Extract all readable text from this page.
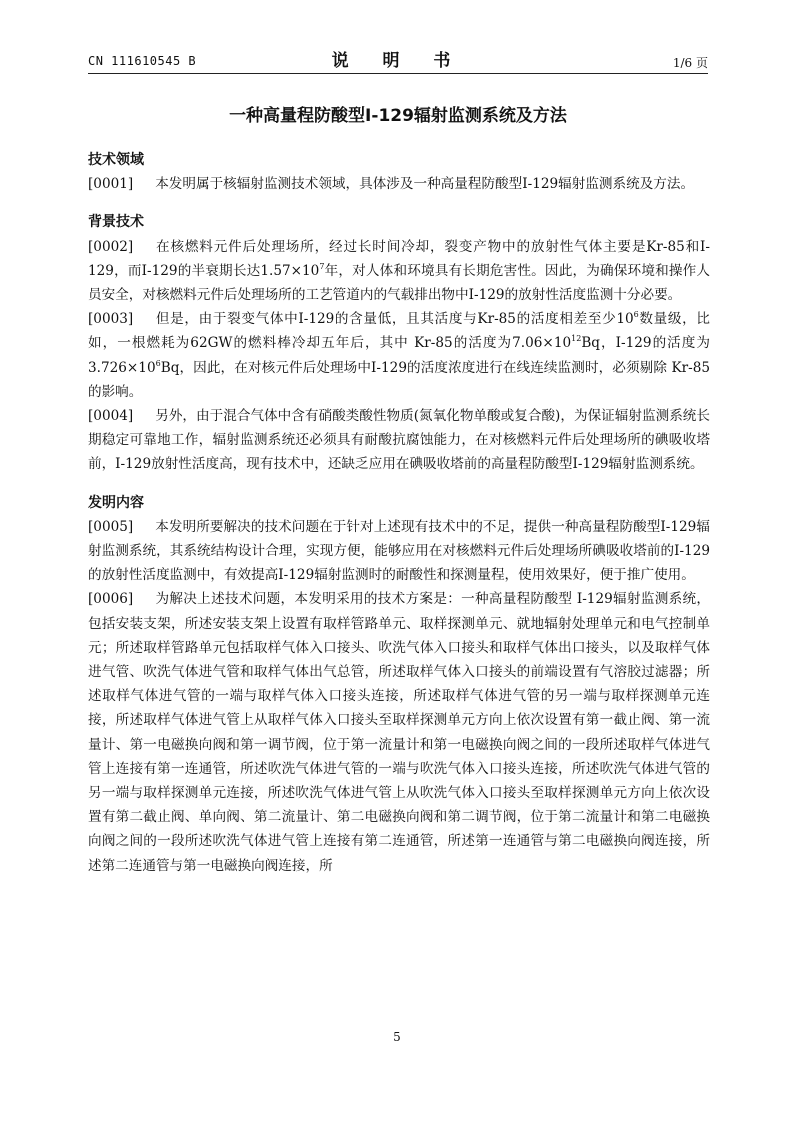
CN 111610545 B	说 明 书	1/6 页
一种高量程防酸型I-129辐射监测系统及方法
技术领域

[0001] 本发明属于核辐射监测技术领域，具体涉及一种高量程防酸型I-129辐射监测系统及方法。

背景技术

[0002] 在核燃料元件后处理场所，经过长时间冷却，裂变产物中的放射性气体主要是Kr-85和I-129，而I-129的半衰期长达$1.57\times 10^7$年，对人体和环境具有长期危害性。因此，为确保环境和操作人员安全，对核燃料元件后处理场所的工艺管道内的气载排出物中I-129的放射性活度监测十分必要。

[0003] 但是，由于裂变气体中I-129的含量低，且其活度与Kr-85的活度相差至少$10^6$数量级，比如，一根燃耗为62GW的燃料棒冷却五年后，其中 Kr-85的活度为$7.06\times 10^{12}Bq$，I-129的活度为$3.726\times 10^6Bq$，因此，在对核元件后处理场中I-129的活度浓度进行在线连续监测时，必须剔除 Kr-85的影响。

[0004] 另外，由于混合气体中含有硝酸类酸性物质(氮氧化物单酸或复合酸)，为保证辐射监测系统长期稳定可靠地工作，辐射监测系统还必须具有耐酸抗腐蚀能力，在对核燃料元件后处理场所的碘吸收塔前，I-129放射性活度高，现有技术中，还缺乏应用在碘吸收塔前的高量程防酸型I-129辐射监测系统。

发明内容

[0005] 本发明所要解决的技术问题在于针对上述现有技术中的不足，提供一种高量程防酸型I-129辐射监测系统，其系统结构设计合理，实现方便，能够应用在对核燃料元件后处理场所碘吸收塔前的I-129的放射性活度监测中，有效提高I-129辐射监测时的耐酸性和探测量程，使用效果好，便于推广使用。

[0006] 为解决上述技术问题，本发明采用的技术方案是：一种高量程防酸型 I-129辐射监测系统，包括安装支架，所述安装支架上设置有取样管路单元、取样探测单元、就地辐射处理单元和电气控制单元；所述取样管路单元包括取样气体入口接头、吹洗气体入口接头和取样气体出口接头，以及取样气体进气管、吹洗气体进气管和取样气体出气总管，所述取样气体入口接头的前端设置有气溶胶过滤器；所述取样气体进气管的一端与取样气体入口接头连接，所述取样气体进气管的另一端与取样探测单元连接，所述取样气体进气管上从取样气体入口接头至取样探测单元方向上依次设置有第一截止阀、第一流量计、第一电磁换向阀和第一调节阀，位于第一流量计和第一电磁换向阀之间的一段所述取样气体进气管上连接有第一连通管，所述吹洗气体进气管的一端与吹洗气体入口接头连接，所述吹洗气体进气管的另一端与取样探测单元连接，所述吹洗气体进气管上从吹洗气体入口接头至取样探测单元方向上依次设置有第二截止阀、单向阀、第二流量计、第二电磁换向阀和第二调节阀，位于第二流量计和第二电磁换向阀之间的一段所述吹洗气体进气管上连接有第二连通管，所述第一连通管与第二电磁换向阀连接，所述第二连通管与第一电磁换向阀连接，所

5
